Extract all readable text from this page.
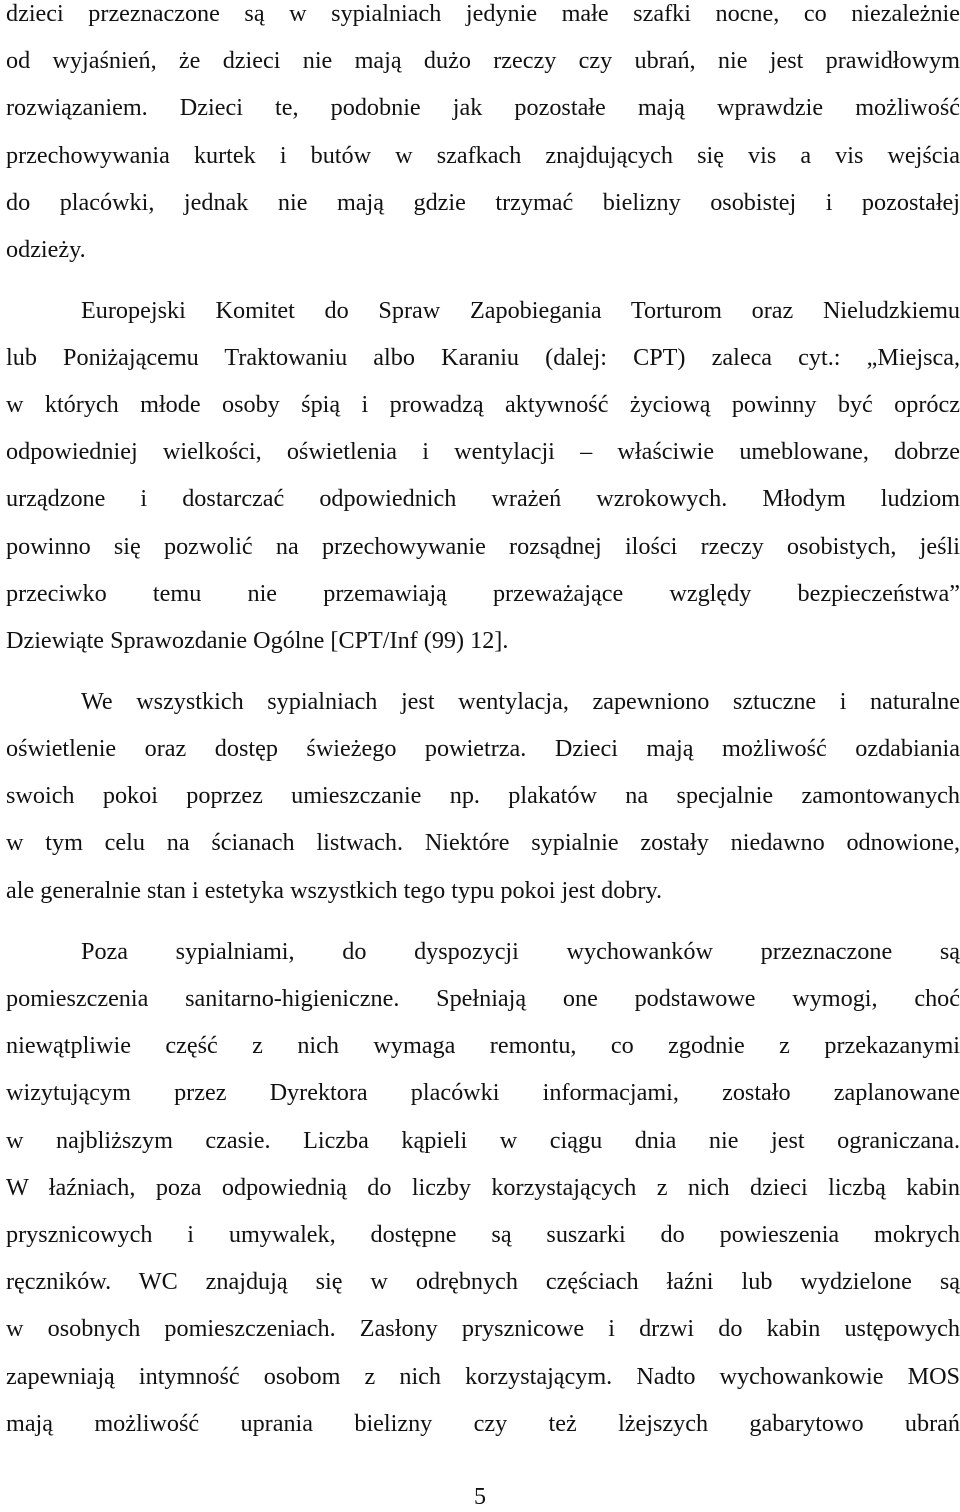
dzieci przeznaczone są w sypialniach jedynie małe szafki nocne, co niezależnie
od wyjaśnień, że dzieci nie mają dużo rzeczy czy ubrań, nie jest prawidłowym
rozwiązaniem. Dzieci te, podobnie jak pozostałe mają wprawdzie możliwość
przechowywania kurtek i butów w szafkach znajdujących się vis a vis wejścia
do placówki, jednak nie mają gdzie trzymać bielizny osobistej i pozostałej
odzieży.
Europejski Komitet do Spraw Zapobiegania Torturom oraz Nieludzkiemu
lub Poniżającemu Traktowaniu albo Karaniu (dalej: CPT) zaleca cyt.: „Miejsca,
w których młode osoby śpią i prowadzą aktywność życiową powinny być oprócz
odpowiedniej wielkości, oświetlenia i wentylacji – właściwie umeblowane, dobrze
urządzone i dostarczać odpowiednich wrażeń wzrokowych. Młodym ludziom
powinno się pozwolić na przechowywanie rozsądnej ilości rzeczy osobistych, jeśli
przeciwko temu nie przemawiają przeważające względy bezpieczeństwa”
Dziewiąte Sprawozdanie Ogólne [CPT/Inf (99) 12].
We wszystkich sypialniach jest wentylacja, zapewniono sztuczne i naturalne
oświetlenie oraz dostęp świeżego powietrza. Dzieci mają możliwość ozdabiania
swoich pokoi poprzez umieszczanie np. plakatów na specjalnie zamontowanych
w tym celu na ścianach listwach. Niektóre sypialnie zostały niedawno odnowione,
ale generalnie stan i estetyka wszystkich tego typu pokoi jest dobry.
Poza sypialniami, do dyspozycji wychowanków przeznaczone są
pomieszczenia sanitarno-higieniczne. Spełniają one podstawowe wymogi, choć
niewątpliwie część z nich wymaga remontu, co zgodnie z przekazanymi
wizytującym przez Dyrektora placówki informacjami, zostało zaplanowane
w najbliższym czasie. Liczba kąpieli w ciągu dnia nie jest ograniczana.
W łaźniach, poza odpowiednią do liczby korzystających z nich dzieci liczbą kabin
prysznicowych i umywalek, dostępne są suszarki do powieszenia mokrych
ręczników. WC znajdują się w odrębnych częściach łaźni lub wydzielone są
w osobnych pomieszczeniach. Zasłony prysznicowe i drzwi do kabin ustępowych
zapewniają intymność osobom z nich korzystającym. Nadto wychowankowie MOS
mają możliwość uprania bielizny czy też lżejszych gabarytowo ubrań
5
